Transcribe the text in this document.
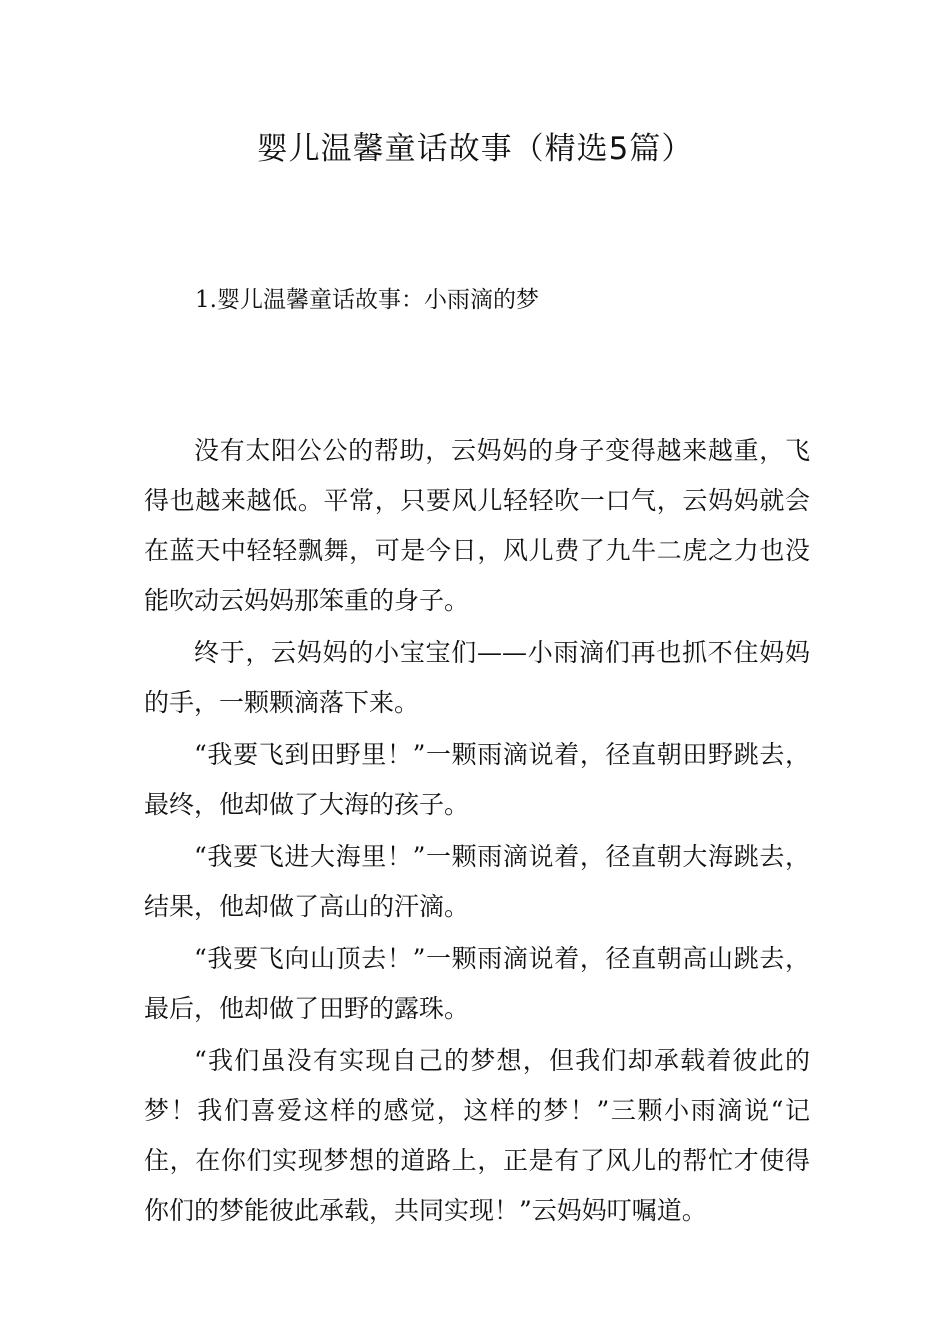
婴儿温馨童话故事（精选5篇）
1.婴儿温馨童话故事：小雨滴的梦

没有太阳公公的帮助，云妈妈的身子变得越来越重，飞得也越来越低。平常，只要风儿轻轻吹一口气，云妈妈就会在蓝天中轻轻飘舞，可是今日，风儿费了九牛二虎之力也没能吹动云妈妈那笨重的身子。

终于，云妈妈的小宝宝们——小雨滴们再也抓不住妈妈的手，一颗颗滴落下来。

“我要飞到田野里！”一颗雨滴说着，径直朝田野跳去，最终，他却做了大海的孩子。

“我要飞进大海里！”一颗雨滴说着，径直朝大海跳去，结果，他却做了高山的汗滴。

“我要飞向山顶去！”一颗雨滴说着，径直朝高山跳去，最后，他却做了田野的露珠。

“我们虽没有实现自己的梦想，但我们却承载着彼此的梦！我们喜爱这样的感觉，这样的梦！”三颗小雨滴说“记住，在你们实现梦想的道路上，正是有了风儿的帮忙才使得你们的梦能彼此承载，共同实现！”云妈妈叮嘱道。
